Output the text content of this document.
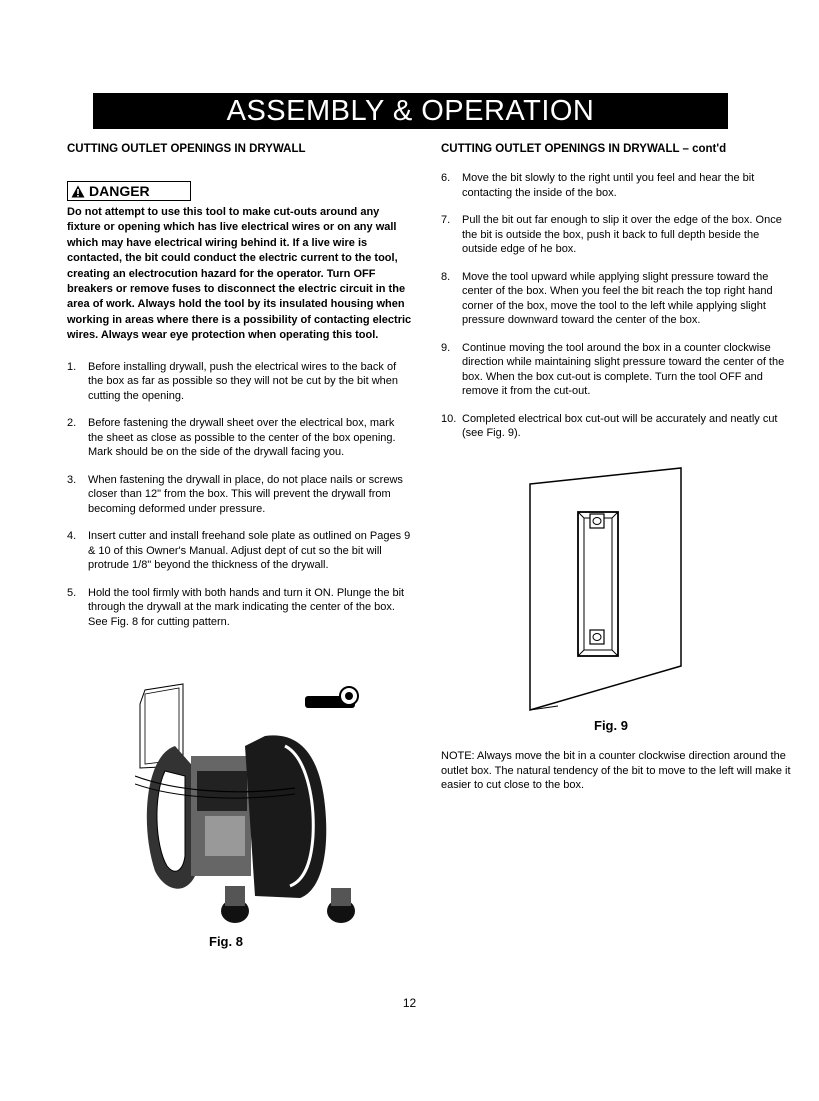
ASSEMBLY & OPERATION

CUTTING OUTLET OPENINGS IN DRYWALL

DANGER

Do not attempt to use this tool to make cut-outs around any fixture or opening which has live electrical wires or on any wall which may have electrical wiring behind it. If a live wire is contacted, the bit could conduct the electric current to the tool, creating an electrocution hazard for the operator. Turn OFF breakers or remove fuses to disconnect the electric circuit in the area of work. Always hold the tool by its insulated housing when working in areas where there is a possibility of contacting electric wires. Always wear eye protection when operating this tool.

1. Before installing drywall, push the electrical wires to the back of the box as far as possible so they will not be cut by the bit when cutting the opening.
2. Before fastening the drywall sheet over the electrical box, mark the sheet as close as possible to the center of the box opening. Mark should be on the side of the drywall facing you.
3. When fastening the drywall in place, do not place nails or screws closer than 12" from the box. This will prevent the drywall from becoming deformed under pressure.
4. Insert cutter and install freehand sole plate as outlined on Pages 9 & 10 of this Owner's Manual. Adjust dept of cut so the bit will protrude 1/8" beyond the thickness of the drywall.
5. Hold the tool firmly with both hands and turn it ON. Plunge the bit through the drywall at the mark indicating the center of the box. See Fig. 8 for cutting pattern.

CUTTING OUTLET OPENINGS IN DRYWALL – cont'd

6. Move the bit slowly to the right until you feel and hear the bit contacting the inside of the box.
7. Pull the bit out far enough to slip it over the edge of the box. Once the bit is outside the box, push it back to full depth beside the outside edge of he box.
8. Move the tool upward while applying slight pressure toward the center of the box. When you feel the bit reach the top right hand corner of the box, move the tool to the left while applying slight pressure downward toward the center of the box.
9. Continue moving the tool around the box in a counter clockwise direction while maintaining slight pressure toward the center of the box. When the box cut-out is complete. Turn the tool OFF and remove it from the cut-out.
10. Completed electrical box cut-out will be accurately and neatly cut (see Fig. 9).
Fig. 9

NOTE: Always move the bit in a counter clockwise direction around the outlet box. The natural tendency of the bit to move to the left will make it easier to cut close to the box.

Fig. 8
12
